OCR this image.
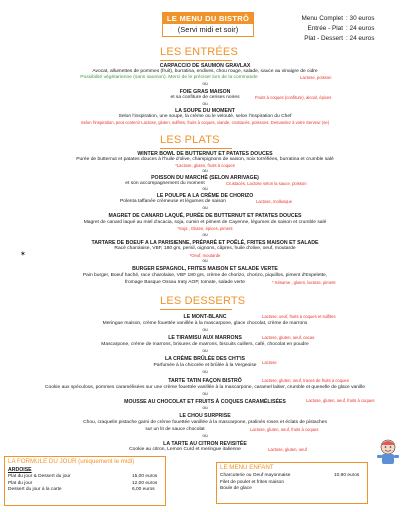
LE MENU DU BISTRÔ
(Servi midi et soir)
Menu Complet : 30 euros
Entrée - Plat : 24 euros
Plat - Dessert : 24 euros
LES ENTRÉES
CARPACCIO DE SAUMON GRAVLAX
Avocat, allumettes de pommes (fruit), burratina, endives, chou rouge, salade, sauce au vinaigre de cidre
Possibilité végétarienne (sans saumon). Merci de le préciser lors de la commande	Lactose, poisson
ou
FOIE GRAS MAISON
et sa confiture de cerises noires	Fruits à coques (confiture), alcool, épices
ou
LA SOUPE DU MOMENT
Selon l'inspiration, une soupe, la crème ou le velouté, selon l'inspiration du Chef
Selon l'inspiration, peut contenir Lactose, gluten, sulfites, fruits à coques, viande, crustacés, poissons. Demandez à votre Serveur (se)
LES PLATS
WINTER BOWL DE BUTTERNUT ET PATATES DOUCES
Purée de butternut et patates douces à l'huile d'olive, champignons de saison, noix torréfiées, burratina et crumble salé
*Lactose, gluten, fruits à coques
ou
POISSON DU MARCHÉ (SELON ARRIVAGE)
et son accompagnement du moment	Crustacés, Lactose selon la sauce, poisson
ou
LE POULPE A LA CRÈME DE CHORIZO
Polenta taffanée crémeuse et légumes de saison	Lactose, mollusque
ou
MAGRET DE CANARD LAQUÉ, PURÉE DE BUTTERNUT ET PATATES DOUCES
Magret de canard laqué au miel d'acacia, soja, cumin et piment de Cayenne, légumes de saison et crumble salé
*Soja , Gluten, épices, piment
ou
TARTARE DE BOEUF A LA PARISIENNE, PRÉPARÉ ET POÊLÉ, FRITES MAISON ET SALADE
Racé charolaise, VBF, 180 grs, persil, oignons, câpres, huile d'olive, oeuf, moutarde
✶	*Oeuf, moutarde
ou
BURGER ESPAGNOL, FRITES MAISON ET SALADE VERTE
Pain burger, Boeuf haché, race charolaise, VBF 180 grs, crème de chorizo, chorizo, piquillos, piment d'Espelette,
fromage Basque Ossau Iraty AOP, tomate, salade verte	* Sésame , gluten, lactose, piment
LES DESSERTS
LE MONT-BLANC	Lactose, oeuf, fruits à coques et sulfites
Meringue maison, crème fouettée vanillée à la mascarpone, glace chocolat, crème de marrons
ou
LE TIRAMISU AUX MARRONS	Lactose, gluten, oeuf, cacao
Mascarpone, crème de marrons, brisures de marrons, biscuits cuillers, café, chocolat en poudre
ou
LA CRÈME BRÛLÉE DES CHT'IS
Parfumée à la chicorée et brûlée à la Vergeoise
Lactose
ou
TARTE TATIN FAÇON BISTRÔ	Lactose, gluten, oeuf, traces de fruits à coques
Cookie aux spéculoos, pommes caramélisées sur une crème fouettée vanillée à la mascarpone, caramel laitier, crumble et quenelle de glace vanille
ou
MOUSSE AU CHOCOLAT ET FRUITS À COQUES CARAMÉLISÉES	Lactose, gluten, oeuf, fruits à coques
ou
LE CHOU SURPRISE
Chou, craquelin pistache garni de crème fouettée vanillée à la mascarpone, pralinés roses et éclats de pistaches
sur un lit de sauce chocolat	Lactose, gluten, oeuf, fruits à coques
ou
LA TARTE AU CITRON REVISITÉE
Cookie au citron, Lemon Curd et meringue italienne	Lactose, gluten, oeuf
LA FORMULE DU JOUR (uniquement le midi)
ARDOISE
Plat du jour & Dessert du jour	15,00 euros
Plat du jour	12,00 euros
Dessert du jour à la carte	6,00 euros
LE MENU ENFANT
Charcuterie ou Oeuf mayonnaise	10,90 euros
Filet de poulet et frites maison
Boule de glace
